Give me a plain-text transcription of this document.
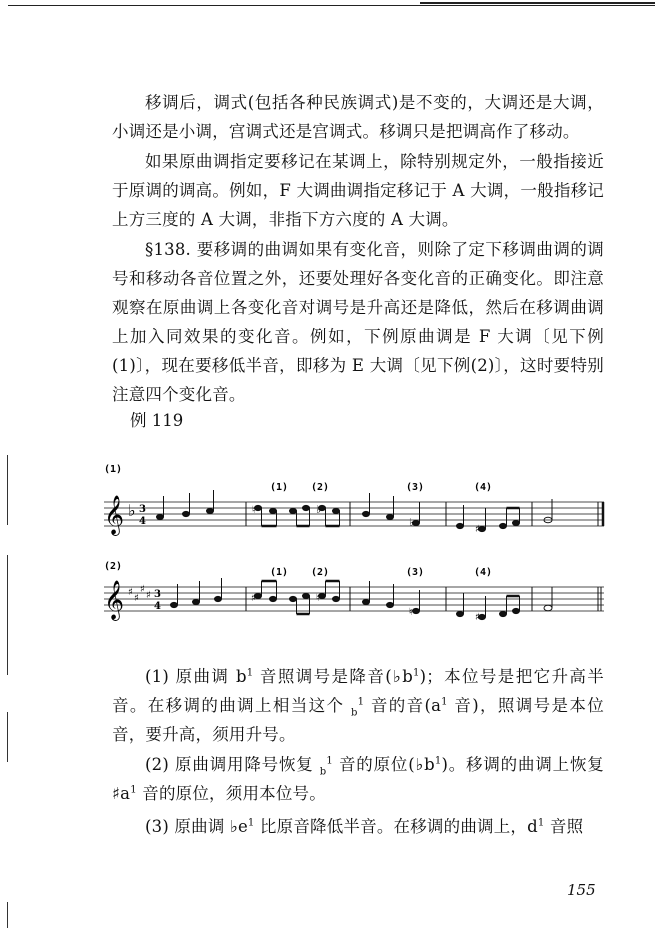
移调后，调式(包括各种民族调式)是不变的，大调还是大调，小调还是小调，宫调式还是宫调式。移调只是把调高作了移动。

如果原曲调指定要移记在某调上，除特别规定外，一般指接近于原调的调高。例如，F 大调曲调指定移记于 A 大调，一般指移记上方三度的 A 大调，非指下方六度的 A 大调。

§138. 要移调的曲调如果有变化音，则除了定下移调曲调的调号和移动各音位置之外，还要处理好各变化音的正确变化。即注意观察在原曲调上各变化音对调号是升高还是降低，然后在移调曲调上加入同效果的变化音。例如，下例原曲调是 F 大调〔见下例(1)〕，现在要移低半音，即移为 E 大调〔见下例(2)〕，这时要特别注意四个变化音。

例 119
(1)
(1) (2)	(3)	(4)
𝄞 ♭ 3
4
♮	♭
♭
♯
(2)
(1) (2)	(3)	(4)
𝄞 ♯
♯
♯
♯ 3
4
♯	♮
♮	♯

(1) 原曲调 $b^1$ 音照调号是降音$(♭b^1)$；本位号是把它升高半音。在移调的曲调上相当这个 $_b^1$ 音的音($a^1$ 音)，照调号是本位音，要升高，须用升号。

(2) 原曲调用降号恢复 $_b^1$ 音的原位$(♭b^1)$。移调的曲调上恢复$♯a^1$ 音的原位，须用本位号。

(3) 原曲调 $♭e^1$ 比原音降低半音。在移调的曲调上，$d^1$ 音照

155
